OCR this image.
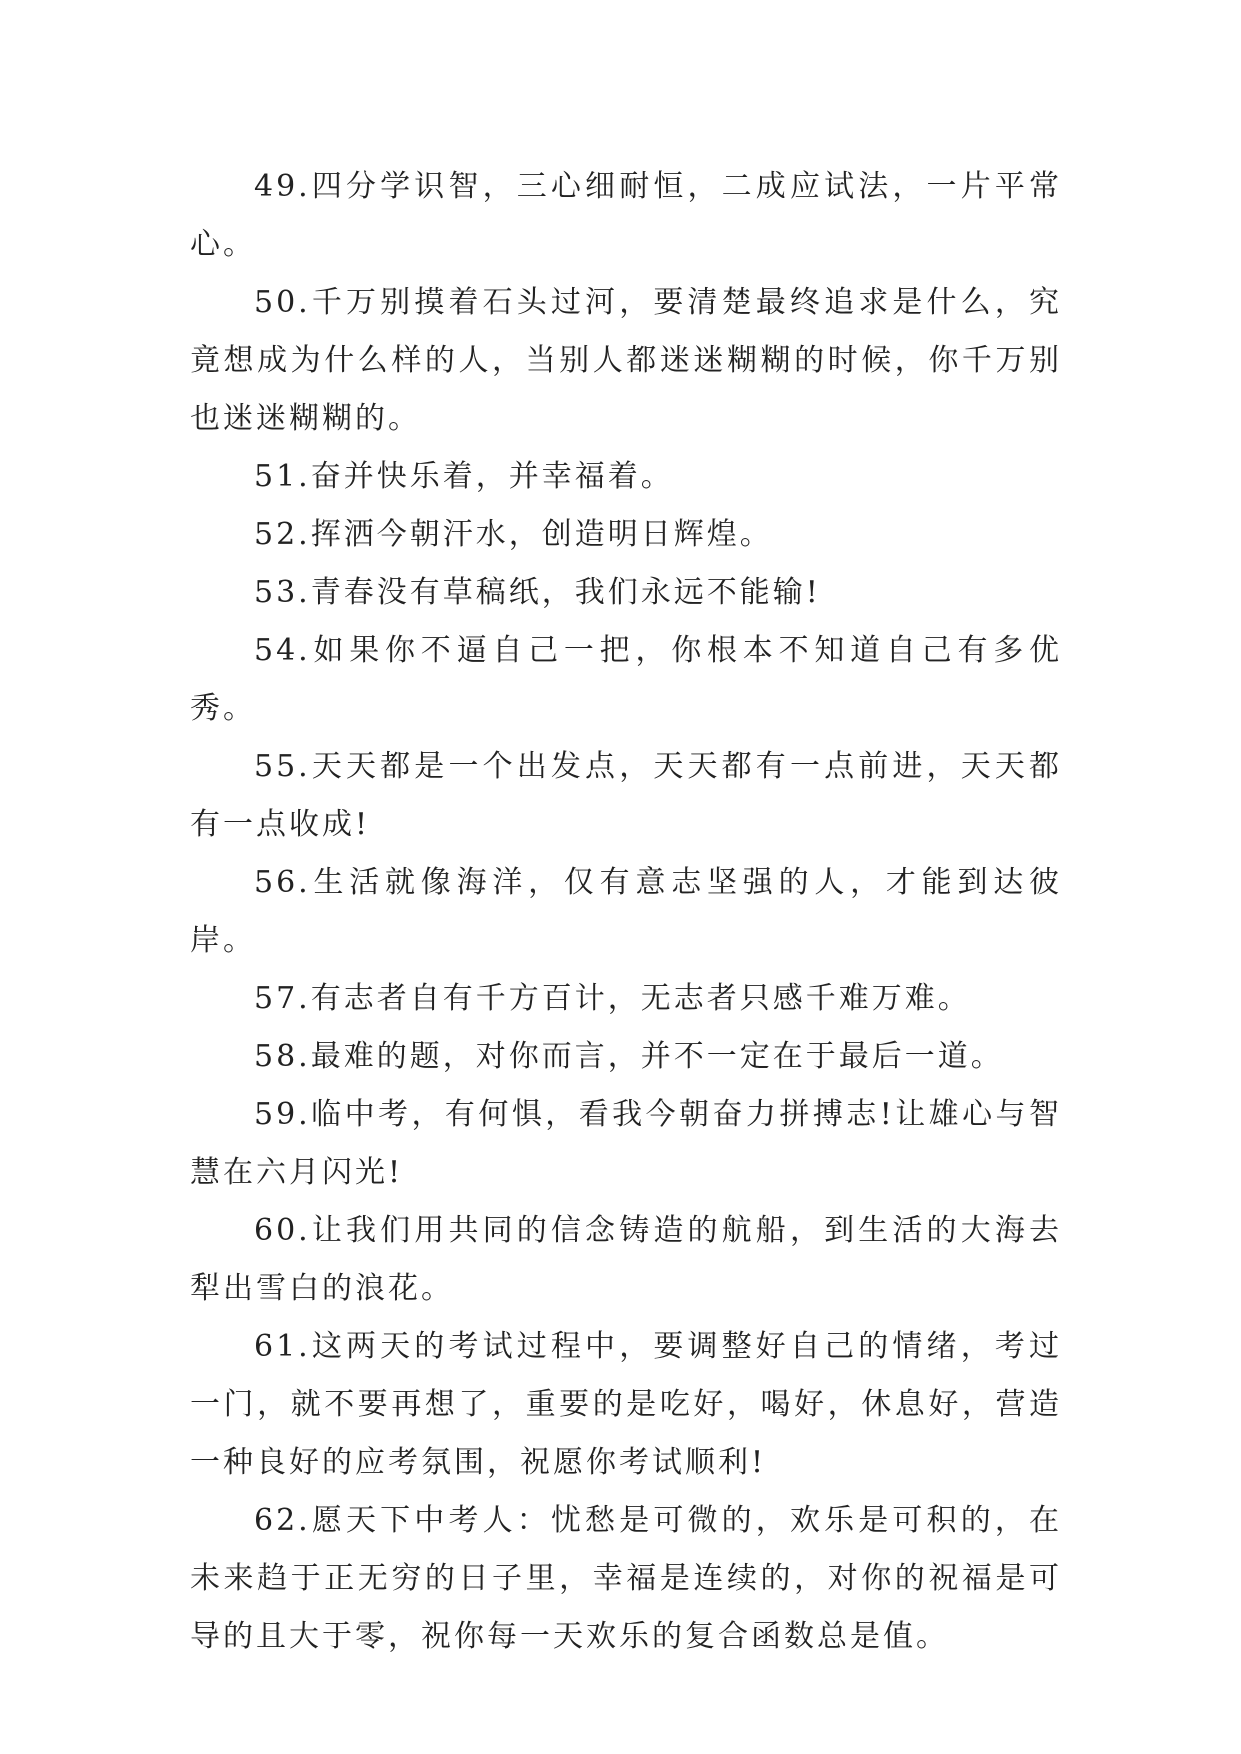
49.四分学识智，三心细耐恒，二成应试法，一片平常心。

50.千万别摸着石头过河，要清楚最终追求是什么，究竟想成为什么样的人，当别人都迷迷糊糊的时候，你千万别也迷迷糊糊的。

51.奋并快乐着，并幸福着。

52.挥洒今朝汗水，创造明日辉煌。

53.青春没有草稿纸，我们永远不能输!

54.如果你不逼自己一把，你根本不知道自己有多优秀。

55.天天都是一个出发点，天天都有一点前进，天天都有一点收成!

56.生活就像海洋，仅有意志坚强的人，才能到达彼岸。

57.有志者自有千方百计，无志者只感千难万难。

58.最难的题，对你而言，并不一定在于最后一道。

59.临中考，有何惧，看我今朝奋力拼搏志!让雄心与智慧在六月闪光!

60.让我们用共同的信念铸造的航船，到生活的大海去犁出雪白的浪花。

61.这两天的考试过程中，要调整好自己的情绪，考过一门，就不要再想了，重要的是吃好，喝好，休息好，营造一种良好的应考氛围，祝愿你考试顺利!

62.愿天下中考人：忧愁是可微的，欢乐是可积的，在未来趋于正无穷的日子里，幸福是连续的，对你的祝福是可导的且大于零，祝你每一天欢乐的复合函数总是值。
